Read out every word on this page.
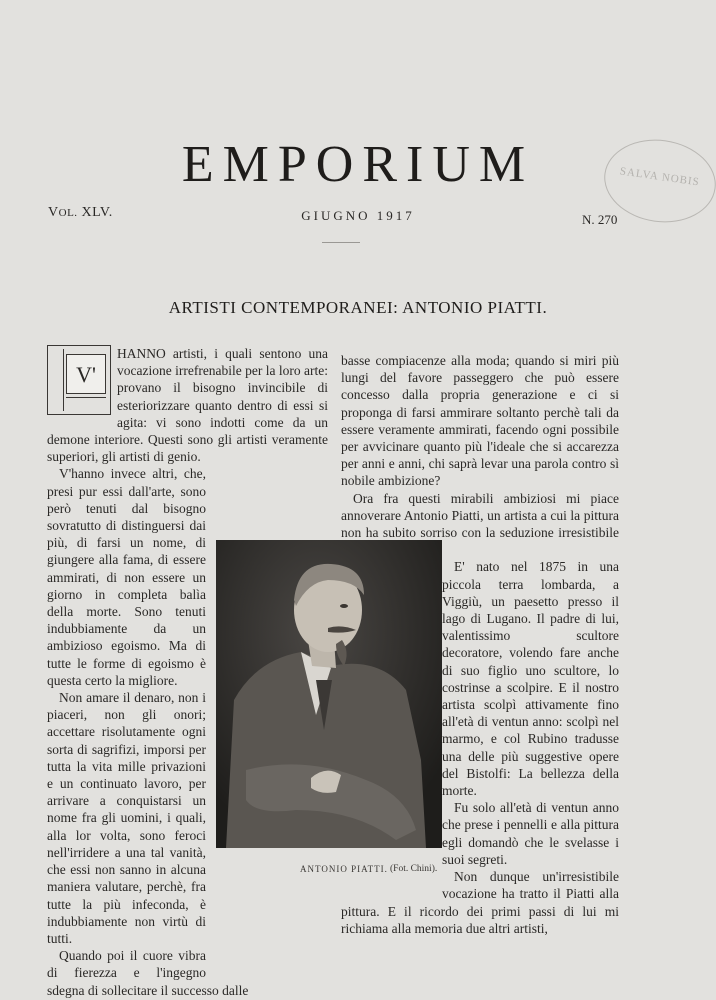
EMPORIUM
VOL. XLV.	GIUGNO 1917	N. 270
SALVA NOBIS
ARTISTI CONTEMPORANEI: ANTONIO PIATTI.
V'

HANNO artisti, i quali sentono una vocazione irrefrenabile per la loro arte: provano il bisogno invincibile di esteriorizzare quanto dentro di essi si agita: vi sono indotti come da un demone interiore. Questi sono gli artisti veramente superiori, gli artisti di genio.

V'hanno invece altri, che, presi pur essi dall'arte, sono però tenuti dal bisogno sovratutto di distinguersi dai più, di farsi un nome, di giungere alla fama, di essere ammirati, di non essere un giorno in completa balìa della morte. Sono tenuti indubbiamente da un ambizioso egoismo. Ma di tutte le forme di egoismo è questa certo la migliore.

Non amare il denaro, non i piaceri, non gli onori; accettare risolutamente ogni sorta di sagrifizi, imporsi per tutta la vita mille privazioni e un continuato lavoro, per arrivare a conquistarsi un nome fra gli uomini, i quali, alla lor volta, sono feroci nell'irridere a una tal vanità, che essi non sanno in alcuna maniera valutare, perchè, fra tutte la più infeconda, è indubbiamente non virtù di tutti.

Quando poi il cuore vibra di fierezza e l'ingegno sdegna di sollecitare il successo dalle

basse compiacenze alla moda; quando si miri più lungi del favore passeggero che può essere concesso dalla propria generazione e ci si proponga di farsi ammirare soltanto perchè tali da essere veramente ammirati, facendo ogni possibile per avvicinare quanto più l'ideale che si accarezza per anni e anni, chi saprà levar una parola contro sì nobile ambizione?

Ora fra questi mirabili ambiziosi mi piace annoverare Antonio Piatti, un artista a cui la pittura non ha subito sorriso con la seduzione irresistibile

E' nato nel 1875 in una piccola terra lombarda, a Viggiù, un paesetto presso il lago di Lugano. Il padre di lui, valentissimo scultore decoratore, volendo fare anche di suo figlio uno scultore, lo costrinse a scolpire. E il nostro artista scolpì attivamente fino all'età di ventun anno: scolpì nel marmo, e col Rubino tradusse una delle più suggestive opere del Bistolfi: La bellezza della morte.

Fu solo all'età di ventun anno che prese i pennelli e alla pittura egli domandò che le svelasse i suoi segreti.

Non dunque un'irresistibile vocazione ha tratto il Piatti alla pittura. E il ricordo dei primi passi di lui mi richiama alla memoria due altri artisti,

ANTONIO PIATTI. (Fot. Chini).
